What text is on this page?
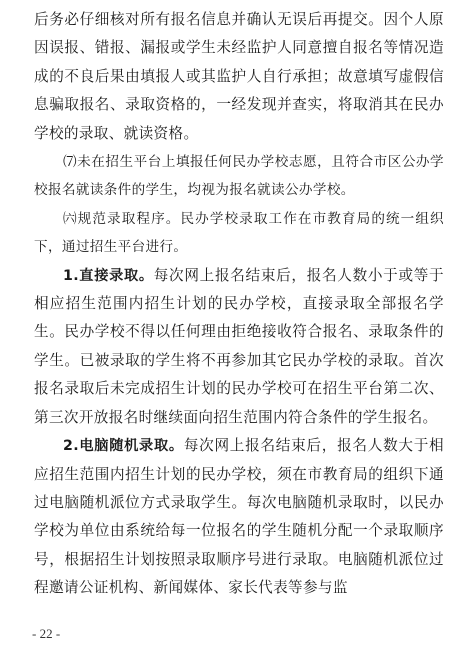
后务必仔细核对所有报名信息并确认无误后再提交。因个人原因误报、错报、漏报或学生未经监护人同意擅自报名等情况造成的不良后果由填报人或其监护人自行承担；故意填写虚假信息骗取报名、录取资格的，一经发现并查实，将取消其在民办学校的录取、就读资格。

⑺未在招生平台上填报任何民办学校志愿，且符合市区公办学校报名就读条件的学生，均视为报名就读公办学校。

㈥规范录取程序。民办学校录取工作在市教育局的统一组织下，通过招生平台进行。

1.直接录取。每次网上报名结束后，报名人数小于或等于相应招生范围内招生计划的民办学校，直接录取全部报名学生。民办学校不得以任何理由拒绝接收符合报名、录取条件的学生。已被录取的学生将不再参加其它民办学校的录取。首次报名录取后未完成招生计划的民办学校可在招生平台第二次、第三次开放报名时继续面向招生范围内符合条件的学生报名。

2.电脑随机录取。每次网上报名结束后，报名人数大于相应招生范围内招生计划的民办学校，须在市教育局的组织下通过电脑随机派位方式录取学生。每次电脑随机录取时，以民办学校为单位由系统给每一位报名的学生随机分配一个录取顺序号，根据招生计划按照录取顺序号进行录取。电脑随机派位过程邀请公证机构、新闻媒体、家长代表等参与监

- 22 -
